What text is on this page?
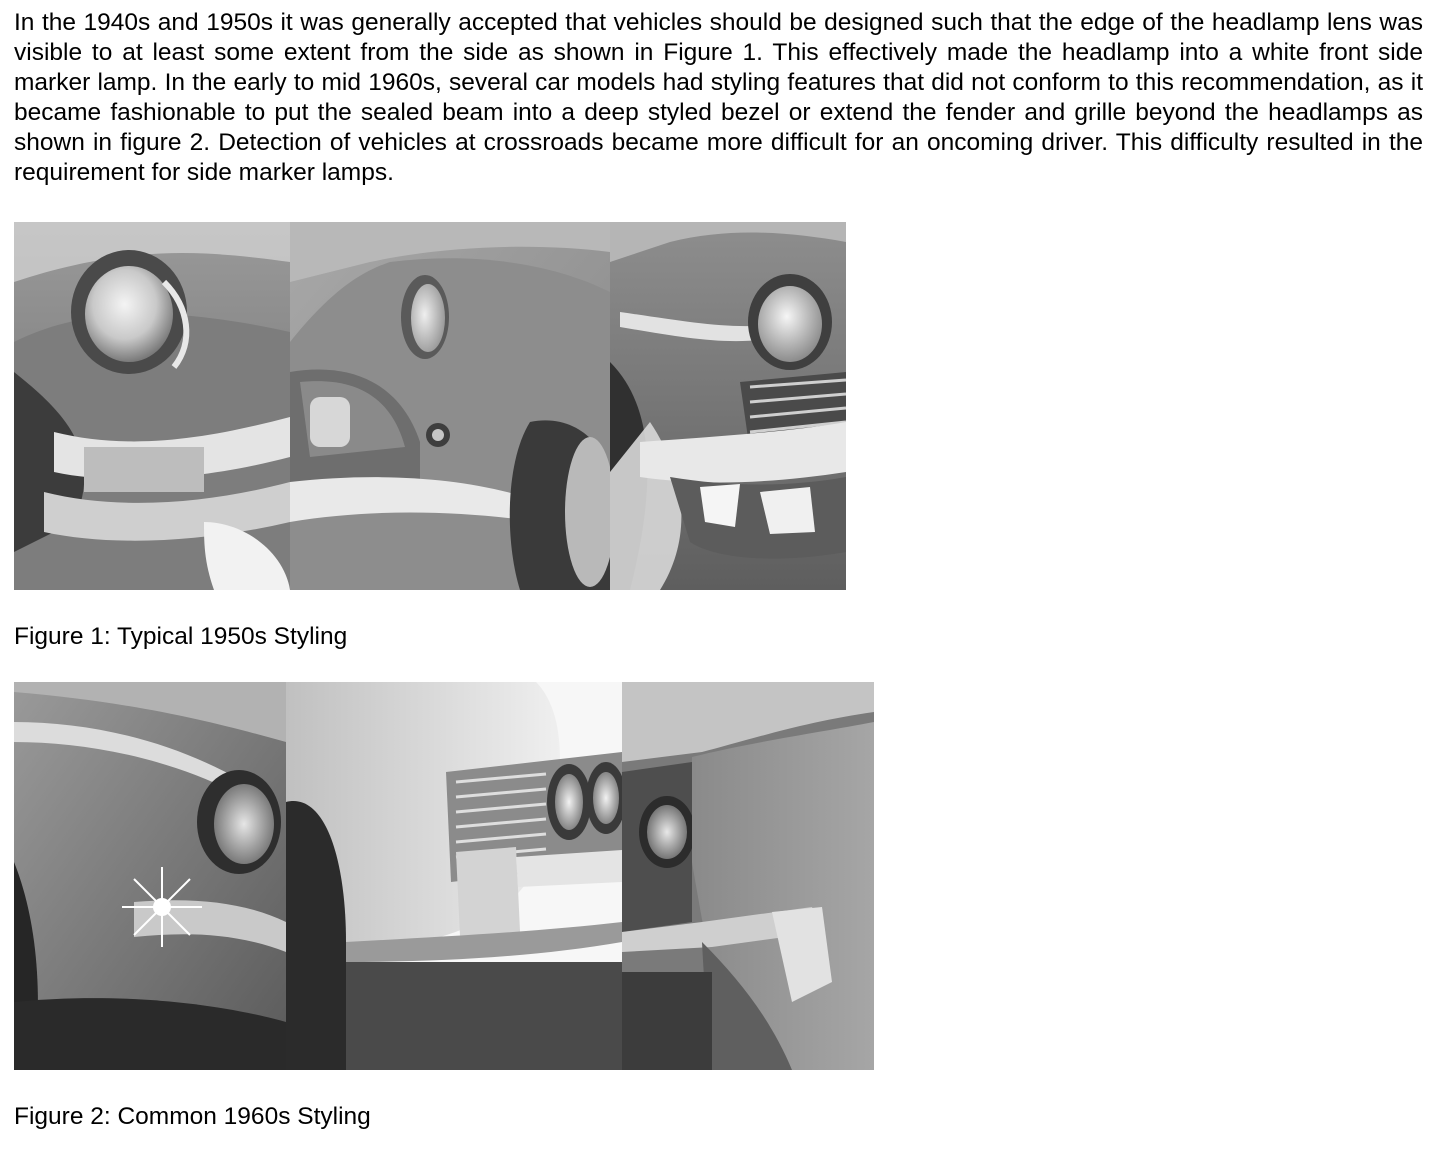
In the 1940s and 1950s it was generally accepted that vehicles should be designed such that the edge of the headlamp lens was visible to at least some extent from the side as shown in Figure 1. This effectively made the headlamp into a white front side marker lamp. In the early to mid 1960s, several car models had styling features that did not conform to this recommendation, as it became fashionable to put the sealed beam into a deep styled bezel or extend the fender and grille beyond the headlamps as shown in figure 2. Detection of vehicles at crossroads became more difficult for an oncoming driver. This difficulty resulted in the requirement for side marker lamps.

Figure 1: Typical 1950s Styling

Figure 2: Common 1960s Styling
